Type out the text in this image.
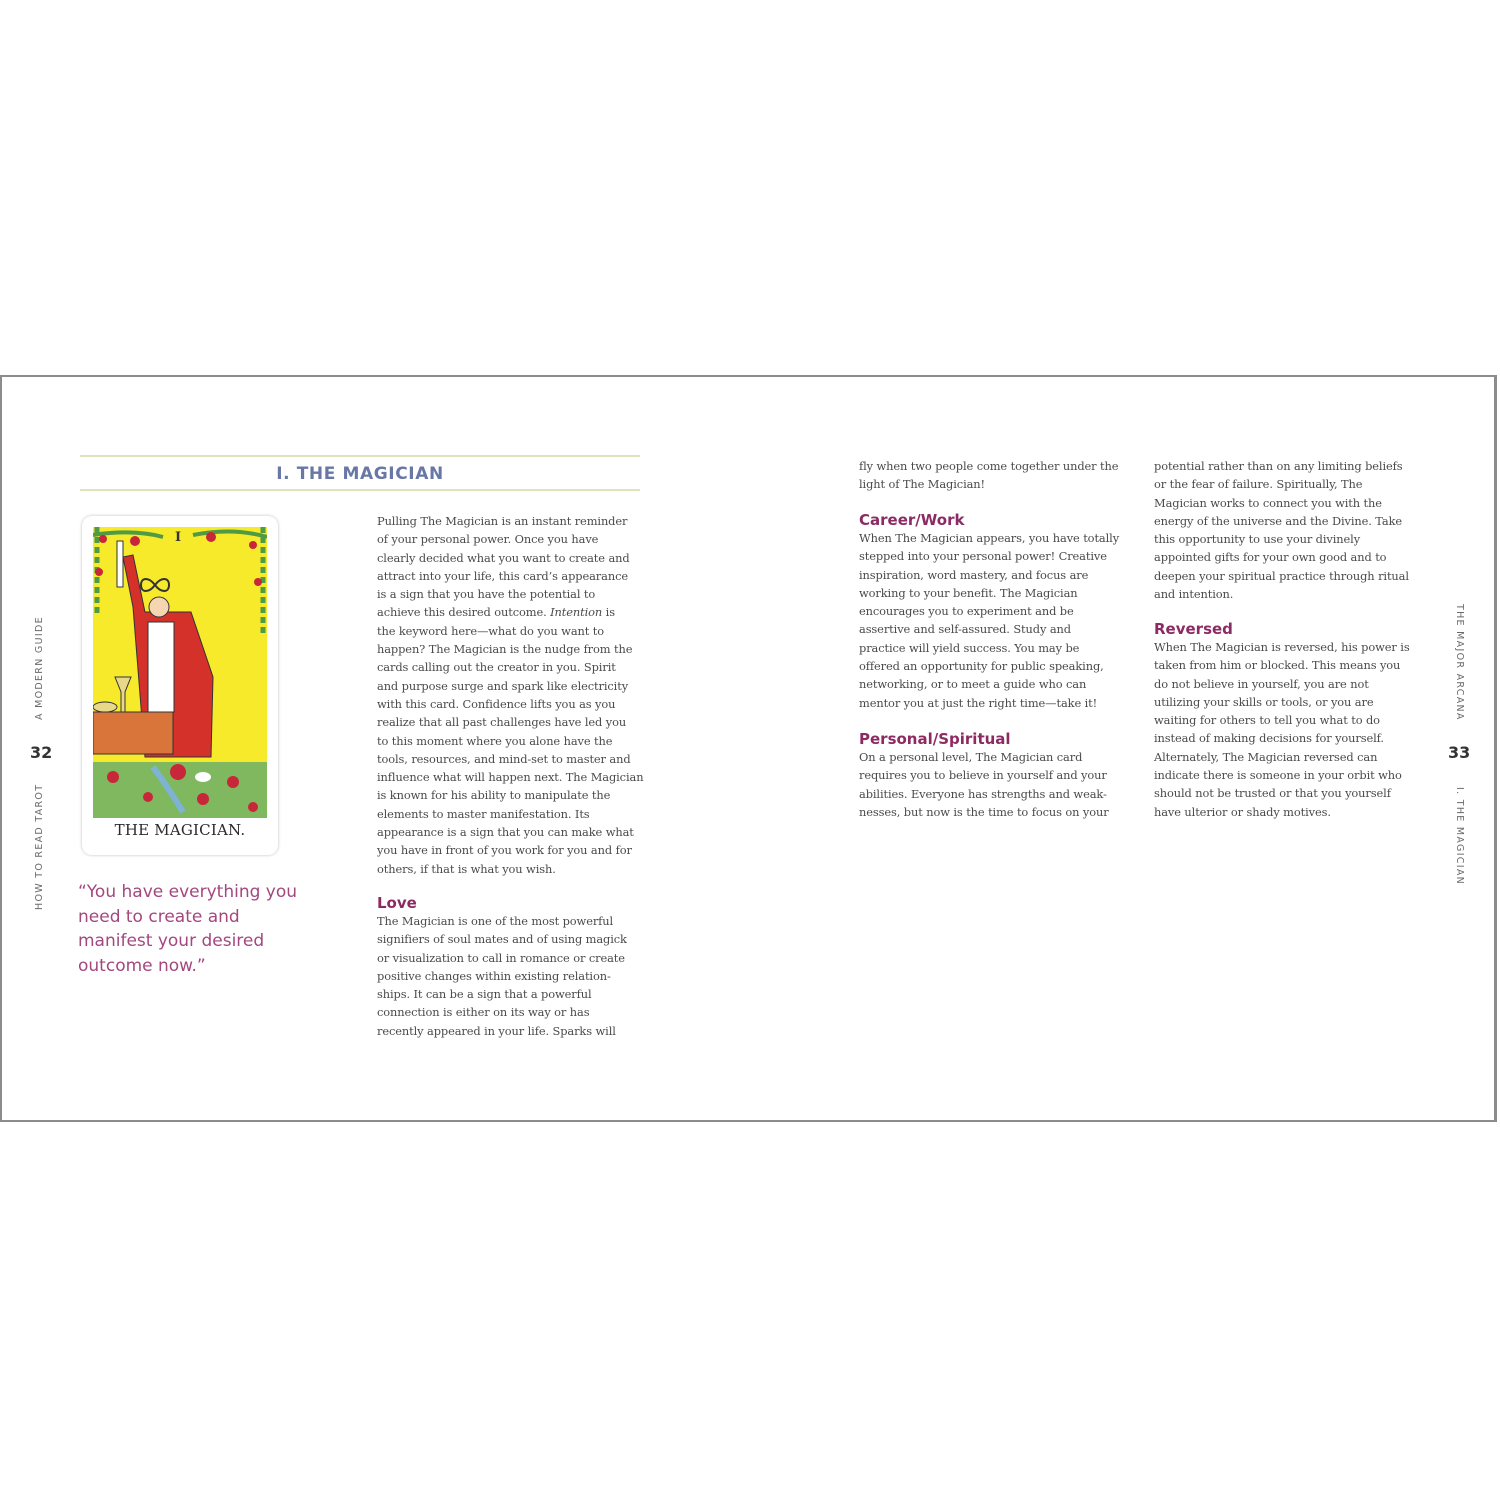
A MODERN GUIDE
32
HOW TO READ TAROT
THE MAJOR ARCANA
33
I. THE MAGICIAN
I. THE MAGICIAN
I
THE MAGICIAN.
“You have everything you need to create and manifest your desired outcome now.”

Pulling The Magician is an instant reminder

of your personal power. Once you have

clearly decided what you want to create and

attract into your life, this card’s appearance

is a sign that you have the potential to

achieve this desired outcome. Intention is

the keyword here—what do you want to

happen? The Magician is the nudge from the

cards calling out the creator in you. Spirit

and purpose surge and spark like electricity

with this card. Confidence lifts you as you

realize that all past challenges have led you

to this moment where you alone have the

tools, resources, and mind-set to master and

influence what will happen next. The Magician

is known for his ability to manipulate the

elements to master manifestation. Its

appearance is a sign that you can make what

you have in front of you work for you and for

others, if that is what you wish.

Love

The Magician is one of the most powerful

signifiers of soul mates and of using magick

or visualization to call in romance or create

positive changes within existing relation-

ships. It can be a sign that a powerful

connection is either on its way or has

recently appeared in your life. Sparks will

fly when two people come together under the

light of The Magician!

Career/Work

When The Magician appears, you have totally

stepped into your personal power! Creative

inspiration, word mastery, and focus are

working to your benefit. The Magician

encourages you to experiment and be

assertive and self-assured. Study and

practice will yield success. You may be

offered an opportunity for public speaking,

networking, or to meet a guide who can

mentor you at just the right time—take it!

Personal/Spiritual

On a personal level, The Magician card

requires you to believe in yourself and your

abilities. Everyone has strengths and weak-

nesses, but now is the time to focus on your

potential rather than on any limiting beliefs

or the fear of failure. Spiritually, The

Magician works to connect you with the

energy of the universe and the Divine. Take

this opportunity to use your divinely

appointed gifts for your own good and to

deepen your spiritual practice through ritual

and intention.

Reversed

When The Magician is reversed, his power is

taken from him or blocked. This means you

do not believe in yourself, you are not

utilizing your skills or tools, or you are

waiting for others to tell you what to do

instead of making decisions for yourself.

Alternately, The Magician reversed can

indicate there is someone in your orbit who

should not be trusted or that you yourself

have ulterior or shady motives.
